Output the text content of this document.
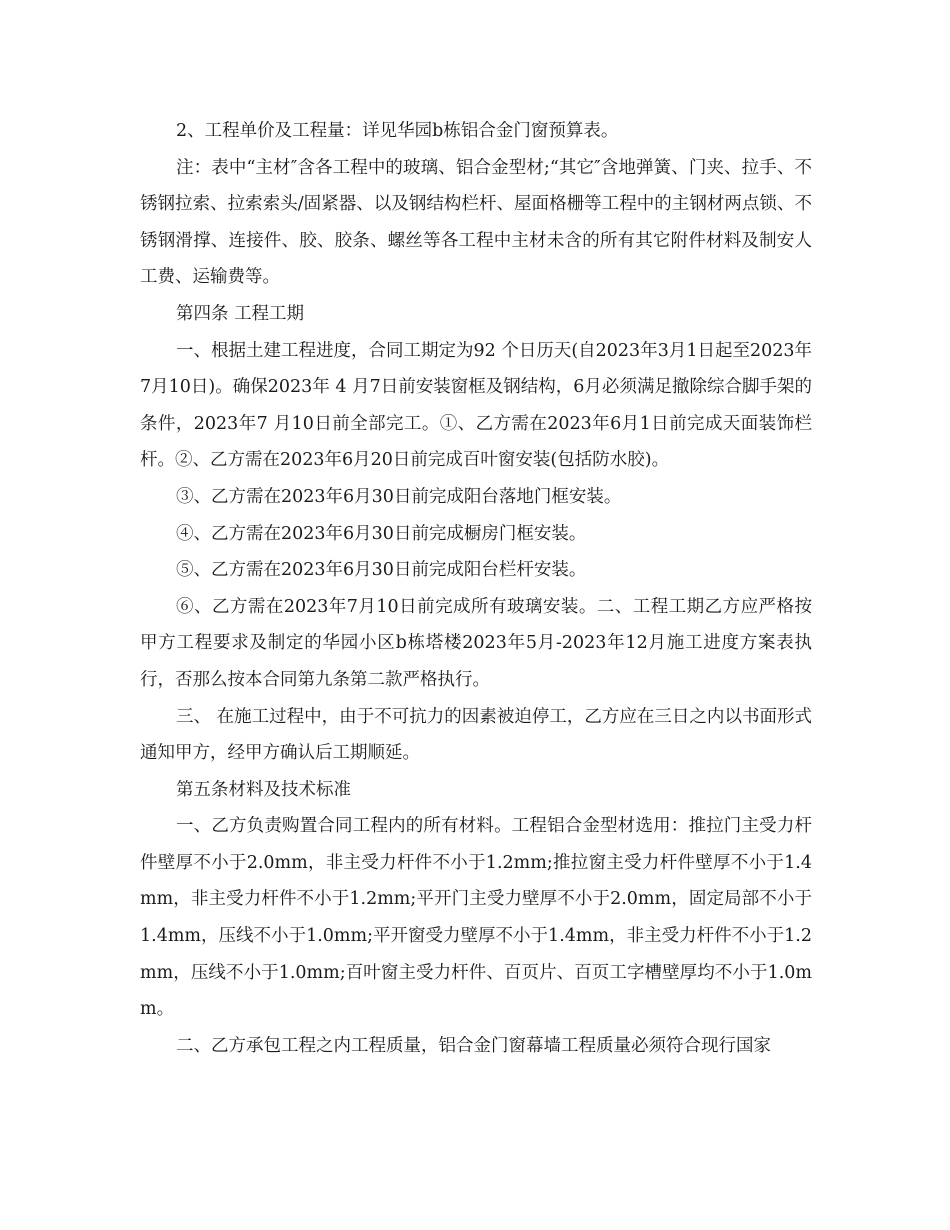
2、工程单价及工程量：详见华园b栋铝合金门窗预算表。

注：表中“主材″含各工程中的玻璃、铝合金型材;“其它″含地弹簧、门夹、拉手、不锈钢拉索、拉索索头/固紧器、以及钢结构栏杆、屋面格栅等工程中的主钢材两点锁、不锈钢滑撑、连接件、胶、胶条、螺丝等各工程中主材未含的所有其它附件材料及制安人工费、运输费等。

第四条 工程工期

一、根据土建工程进度，合同工期定为92 个日历天(自2023年3月1日起至2023年7月10日)。确保2023年 4 月7日前安装窗框及钢结构，6月必须满足撤除综合脚手架的条件，2023年7 月10日前全部完工。①、乙方需在2023年6月1日前完成天面装饰栏杆。②、乙方需在2023年6月20日前完成百叶窗安装(包括防水胶)。

③、乙方需在2023年6月30日前完成阳台落地门框安装。

④、乙方需在2023年6月30日前完成橱房门框安装。

⑤、乙方需在2023年6月30日前完成阳台栏杆安装。

⑥、乙方需在2023年7月10日前完成所有玻璃安装。二、工程工期乙方应严格按甲方工程要求及制定的华园小区b栋塔楼2023年5月-2023年12月施工进度方案表执行，否那么按本合同第九条第二款严格执行。

三、 在施工过程中，由于不可抗力的因素被迫停工，乙方应在三日之内以书面形式通知甲方，经甲方确认后工期顺延。

第五条材料及技术标准

一、乙方负责购置合同工程内的所有材料。工程铝合金型材选用：推拉门主受力杆件壁厚不小于2.0mm，非主受力杆件不小于1.2mm;推拉窗主受力杆件壁厚不小于1.4mm，非主受力杆件不小于1.2mm;平开门主受力壁厚不小于2.0mm，固定局部不小于1.4mm，压线不小于1.0mm;平开窗受力壁厚不小于1.4mm，非主受力杆件不小于1.2mm，压线不小于1.0mm;百叶窗主受力杆件、百页片、百页工字槽壁厚均不小于1.0mm。

二、乙方承包工程之内工程质量，铝合金门窗幕墙工程质量必须符合现行国家
